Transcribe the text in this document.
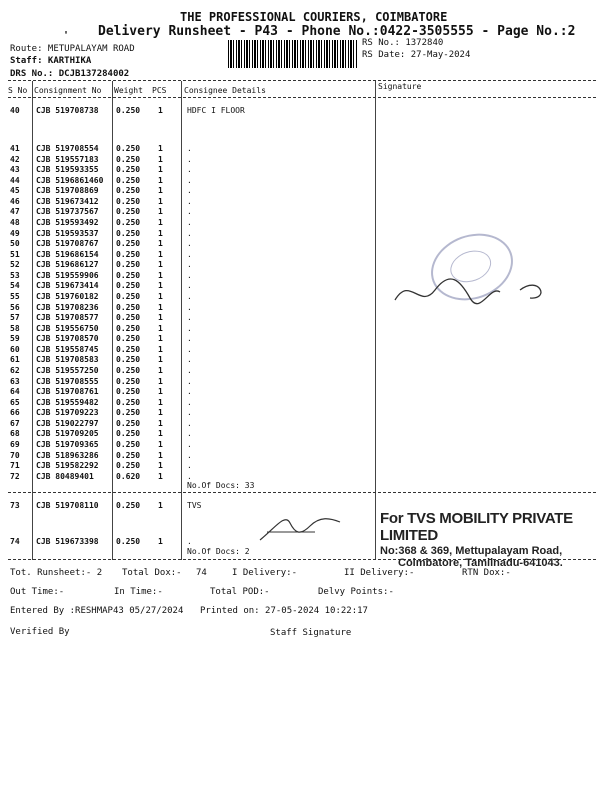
THE PROFESSIONAL COURIERS, COIMBATORE
' Delivery Runsheet - P43 - Phone No.:0422-3505555 - Page No.:2
Route: METUPALAYAM ROAD
Staff: KARTHIKA
DRS No.: DCJB137284002
RS No.: 1372840
RS Date: 27-May-2024
S No Consignment No Weight PCS Consignee Details	Signature
40 CJB 519708738 0.250 1	HDFC I FLOOR
41 CJB 519708554 0.250 1	.
42 CJB 519557183 0.250 1	.
43 CJB 519593355 0.250 1	.
44 CJB 5196861460 0.250 1	.
45 CJB 519708869 0.250 1	.
46 CJB 519673412 0.250 1	.
47 CJB 519737567 0.250 1	.
48 CJB 519593492 0.250 1	.
49 CJB 519593537 0.250 1	.
50 CJB 519708767 0.250 1	.
51 CJB 519686154 0.250 1	.
52 CJB 519686127 0.250 1	.
53 CJB 519559906 0.250 1	.
54 CJB 519673414 0.250 1	.
55 CJB 519760182 0.250 1	.
56 CJB 519708236 0.250 1	.
57 CJB 519708577 0.250 1	.
58 CJB 519556750 0.250 1	.
59 CJB 519708570 0.250 1	.
60 CJB 519558745 0.250 1	.
61 CJB 519708583 0.250 1	.
62 CJB 519557250 0.250 1	.
63 CJB 519708555 0.250 1	.
64 CJB 519708761 0.250 1	.
65 CJB 519559482 0.250 1	.
66 CJB 519709223 0.250 1	.
67 CJB 519022797 0.250 1	.
68 CJB 519709205 0.250 1	.
69 CJB 519709365 0.250 1	.
70 CJB 518963286 0.250 1	.
71 CJB 519582292 0.250 1	.
72 CJB 80489401	0.620 1	.
No.Of Docs: 33
73 CJB 519708110 0.250 1	TVS
74 CJB 519673398 0.250 1	.
No.Of Docs: 2
For TVS MOBILITY PRIVATE LIMITED
No:368 & 369, Mettupalayam Road,
Coimbatore, Tamilnadu-641043.
Tot. Runsheet:- 2 Total Dox:- 74	I Delivery:-	II Delivery:-	RTN Dox:-
Out Time:-	In Time:-	Total POD:-	Delvy Points:-
Entered By :RESHMAP43 05/27/2024 Printed on: 27-05-2024 10:22:17
Verified By	Staff Signature
